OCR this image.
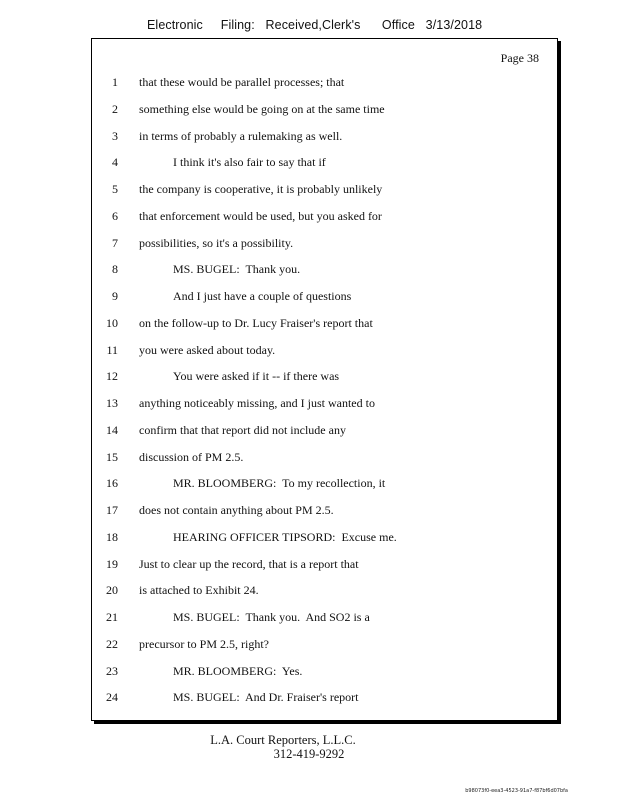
Electronic     Filing:   Received,Clerk's      Office   3/13/2018
Page 38
1 that these would be parallel processes; that
2 something else would be going on at the same time
3 in terms of probably a rulemaking as well.
4	I think it's also fair to say that if
5 the company is cooperative, it is probably unlikely
6 that enforcement would be used, but you asked for
7 possibilities, so it's a possibility.
8	MS. BUGEL:  Thank you.
9	And I just have a couple of questions
10 on the follow-up to Dr. Lucy Fraiser's report that
11 you were asked about today.
12	You were asked if it -- if there was
13 anything noticeably missing, and I just wanted to
14 confirm that that report did not include any
15 discussion of PM 2.5.
16	MR. BLOOMBERG:  To my recollection, it
17 does not contain anything about PM 2.5.
18	HEARING OFFICER TIPSORD:  Excuse me.
19 Just to clear up the record, that is a report that
20 is attached to Exhibit 24.
21	MS. BUGEL:  Thank you.  And SO2 is a
22 precursor to PM 2.5, right?
23	MR. BLOOMBERG:  Yes.
24	MS. BUGEL:  And Dr. Fraiser's report
L.A. Court Reporters, L.L.C.
312-419-9292
b98073f0-eea3-4523-91a7-f87bf6d07bfa
